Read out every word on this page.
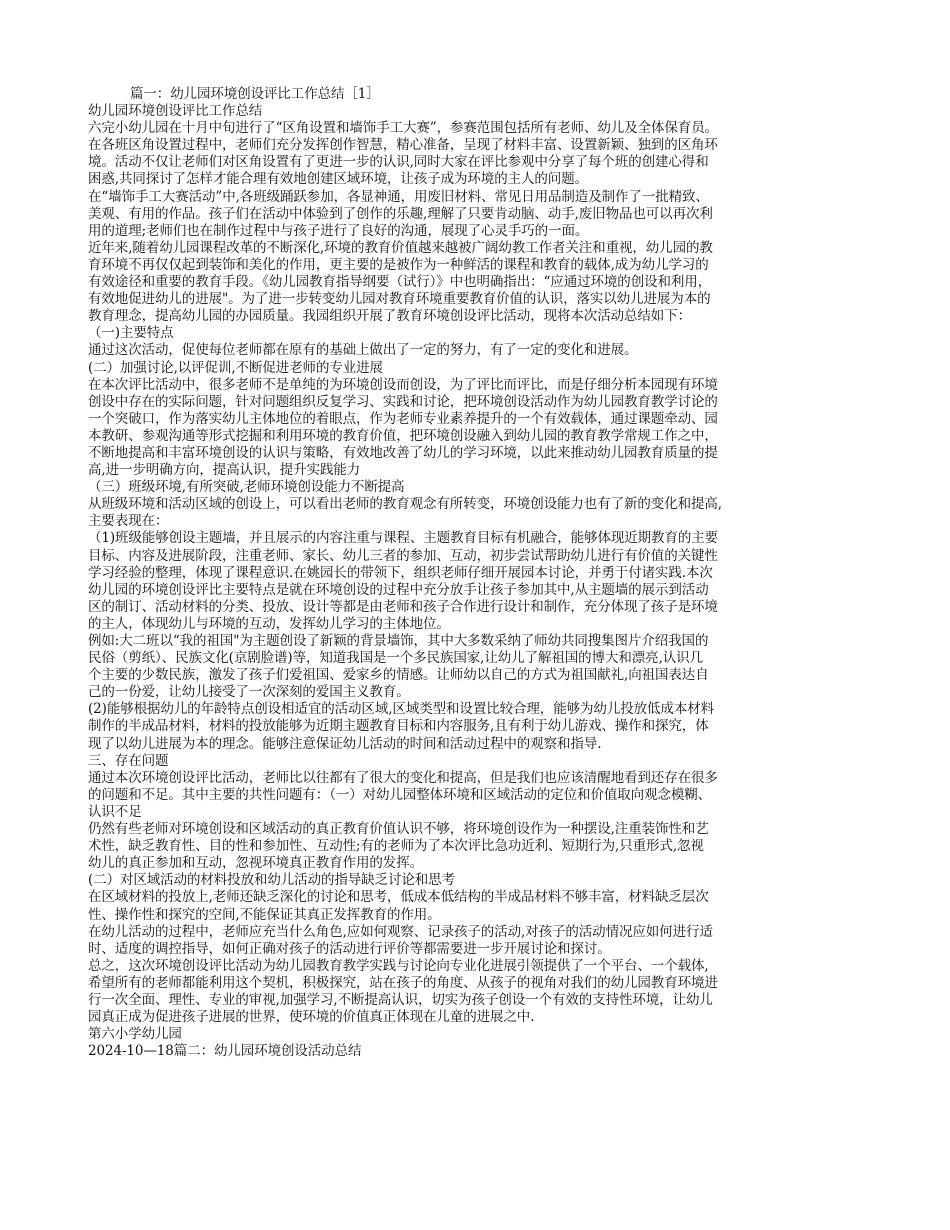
篇一：幼儿园环境创设评比工作总结［1］
幼儿园环境创设评比工作总结
六完小幼儿园在十月中旬进行了“区角设置和墙饰手工大赛”，参赛范围包括所有老师、幼儿及全体保育员。
在各班区角设置过程中，老师们充分发挥创作智慧，精心准备，呈现了材料丰富、设置新颖、独到的区角环
境。活动不仅让老师们对区角设置有了更进一步的认识,同时大家在评比参观中分享了每个班的创建心得和
困惑,共同探讨了怎样才能合理有效地创建区域环境，让孩子成为环境的主人的问题。
在“墙饰手工大赛活动”中,各班级踊跃参加，各显神通，用废旧材料、常见日用品制造及制作了一批精致、
美观、有用的作品。孩子们在活动中体验到了创作的乐趣,理解了只要肯动脑、动手,废旧物品也可以再次利
用的道理;老师们也在制作过程中与孩子进行了良好的沟通，展现了心灵手巧的一面。
近年来,随着幼儿园课程改革的不断深化,环境的教育价值越来越被广阔幼教工作者关注和重视，幼儿园的教
育环境不再仅仅起到装饰和美化的作用，更主要的是被作为一种鲜活的课程和教育的载体,成为幼儿学习的
有效途径和重要的教育手段。《幼儿园教育指导纲要（试行）》中也明确指出：“应通过环境的创设和利用，
有效地促进幼儿的进展"。为了进一步转变幼儿园对教育环境重要教育价值的认识，落实以幼儿进展为本的
教育理念，提高幼儿园的办园质量。我园组织开展了教育环境创设评比活动，现将本次活动总结如下：
（一)主要特点
通过这次活动，促使每位老师都在原有的基础上做出了一定的努力，有了一定的变化和进展。
(二）加强讨论,以评促训,不断促进老师的专业进展
在本次评比活动中，很多老师不是单纯的为环境创设而创设，为了评比而评比，而是仔细分析本园现有环境
创设中存在的实际问题，针对问题组织反复学习、实践和讨论，把环境创设活动作为幼儿园教育教学讨论的
一个突破口，作为落实幼儿主体地位的着眼点，作为老师专业素养提升的一个有效载体，通过课题牵动、园
本教研、参观沟通等形式挖掘和利用环境的教育价值，把环境创设融入到幼儿园的教育教学常规工作之中，
不断地提高和丰富环境创设的认识与策略，有效地改善了幼儿的学习环境，以此来推动幼儿园教育质量的提
高,进一步明确方向，提高认识，提升实践能力
（三）班级环境,有所突破,老师环境创设能力不断提高
从班级环境和活动区域的创设上，可以看出老师的教育观念有所转变，环境创设能力也有了新的变化和提高,
主要表现在：
（1)班级能够创设主题墙，并且展示的内容注重与课程、主题教育目标有机融合，能够体现近期教育的主要
目标、内容及进展阶段，注重老师、家长、幼儿三者的参加、互动，初步尝试帮助幼儿进行有价值的关键性
学习经验的整理，体现了课程意识.在姚园长的带领下，组织老师仔细开展园本讨论，并勇于付诸实践.本次
幼儿园的环境创设评比主要特点是就在环境创设的过程中充分放手让孩子参加其中,从主题墙的展示到活动
区的制订、活动材料的分类、投放、设计等都是由老师和孩子合作进行设计和制作，充分体现了孩子是环境
的主人，体现幼儿与环境的互动，发挥幼儿学习的主体地位。
例如:大二班以“我的祖国"为主题创设了新颖的背景墙饰，其中大多数采纳了师幼共同搜集图片介绍我国的
民俗（剪纸）、民族文化(京剧脸谱)等，知道我国是一个多民族国家,让幼儿了解祖国的博大和漂亮,认识几
个主要的少数民族，激发了孩子们爱祖国、爱家乡的情感。让师幼以自己的方式为祖国献礼,向祖国表达自
己的一份爱，让幼儿接受了一次深刻的爱国主义教育。
(2)能够根据幼儿的年龄特点创设相适宜的活动区域,区域类型和设置比较合理，能够为幼儿投放低成本材料
制作的半成品材料，材料的投放能够为近期主题教育目标和内容服务,且有利于幼儿游戏、操作和探究，体
现了以幼儿进展为本的理念。能够注意保证幼儿活动的时间和活动过程中的观察和指导.
三、存在问题
通过本次环境创设评比活动，老师比以往都有了很大的变化和提高，但是我们也应该清醒地看到还存在很多
的问题和不足。其中主要的共性问题有：（一）对幼儿园整体环境和区域活动的定位和价值取向观念模糊、
认识不足
仍然有些老师对环境创设和区域活动的真正教育价值认识不够，将环境创设作为一种摆设,注重装饰性和艺
术性，缺乏教育性、目的性和参加性、互动性;有的老师为了本次评比急功近利、短期行为,只重形式,忽视
幼儿的真正参加和互动，忽视环境真正教育作用的发挥。
(二）对区域活动的材料投放和幼儿活动的指导缺乏讨论和思考
在区域材料的投放上,老师还缺乏深化的讨论和思考，低成本低结构的半成品材料不够丰富，材料缺乏层次
性、操作性和探究的空间,不能保证其真正发挥教育的作用。
在幼儿活动的过程中，老师应充当什么角色,应如何观察、记录孩子的活动,对孩子的活动情况应如何进行适
时、适度的调控指导，如何正确对孩子的活动进行评价等都需要进一步开展讨论和探讨。
总之，这次环境创设评比活动为幼儿园教育教学实践与讨论向专业化进展引领提供了一个平台、一个载体,
希望所有的老师都能利用这个契机，积极探究，站在孩子的角度、从孩子的视角对我们的幼儿园教育环境进
行一次全面、理性、专业的审视,加强学习,不断提高认识，切实为孩子创设一个有效的支持性环境，让幼儿
园真正成为促进孩子进展的世界，使环境的价值真正体现在儿童的进展之中.
第六小学幼儿园
2024-10—18篇二：幼儿园环境创设活动总结
